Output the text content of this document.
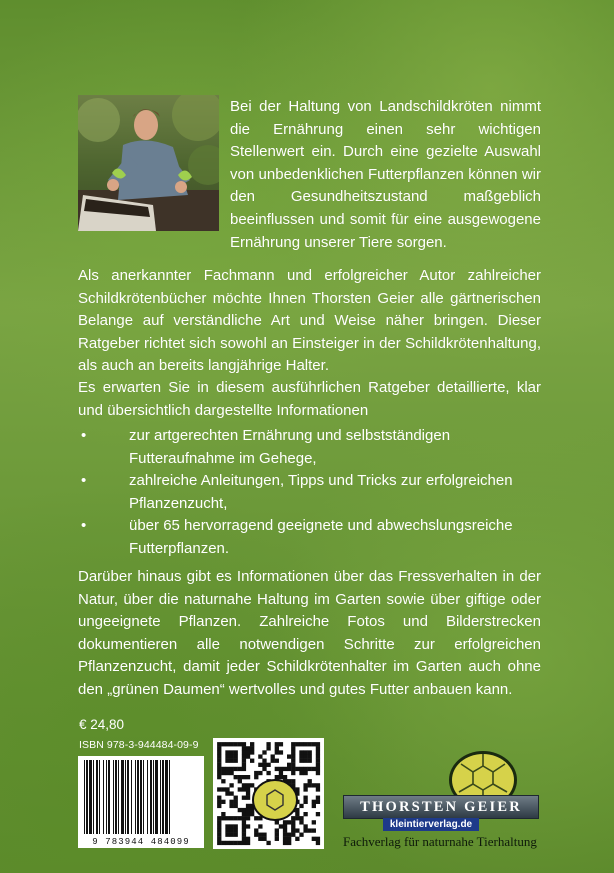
Bei der Haltung von Landschildkröten nimmt die Ernährung einen sehr wichtigen Stellenwert ein. Durch eine gezielte Auswahl von unbedenklichen Futterpflanzen können wir den Gesundheitszustand maßgeblich beeinflussen und somit für eine ausgewogene Ernährung unserer Tiere sorgen.

Als anerkannter Fachmann und erfolgreicher Autor zahlreicher Schildkrötenbücher möchte Ihnen Thorsten Geier alle gärtnerischen Belange auf verständliche Art und Weise näher bringen. Dieser Ratgeber richtet sich sowohl an Einsteiger in der Schildkrötenhaltung, als auch an bereits langjährige Halter.

Es erwarten Sie in diesem ausführlichen Ratgeber detaillierte, klar und übersichtlich dargestellte Informationen

•	zur artgerechten Ernährung und selbstständigen Futteraufnahme im Gehege,
•	zahlreiche Anleitungen, Tipps und Tricks zur erfolgreichen Pflanzenzucht,
•	über 65 hervorragend geeignete und abwechslungsreiche Futterpflanzen.

Darüber hinaus gibt es Informationen über das Fressverhalten in der Natur, über die naturnahe Haltung im Garten sowie über giftige oder ungeeignete Pflanzen. Zahlreiche Fotos und Bilderstrecken dokumentieren alle notwendigen Schritte zur erfolgreichen Pflanzenzucht, damit jeder Schildkrötenhalter im Garten auch ohne den „grünen Daumen“ wertvolles und gutes Futter anbauen kann.

€ 24,80
ISBN 978-3-944484-09-9
9 783944 484099
THORSTEN GEIER
kleintierverlag.de
Fachverlag für naturnahe Tierhaltung
